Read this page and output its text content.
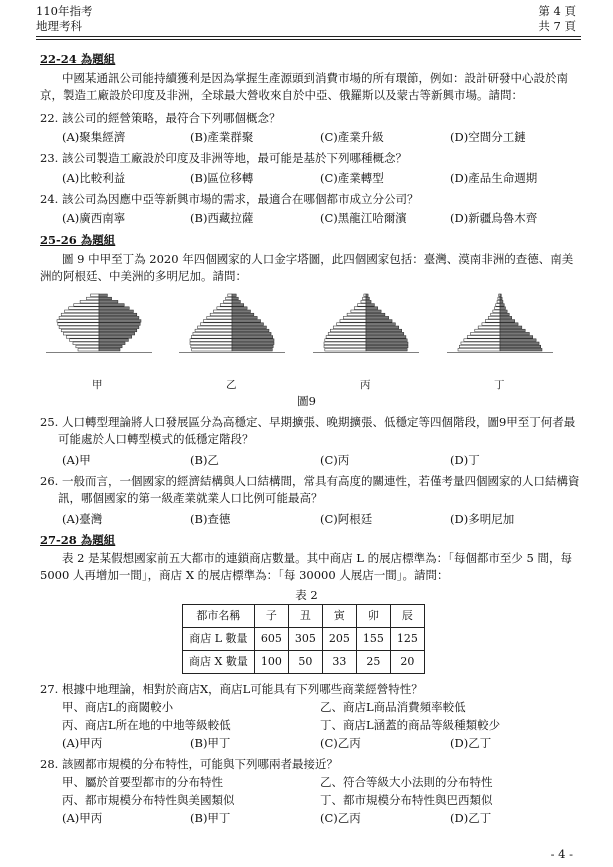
110年指考
地理考科
第 4 頁
共 7 頁
22-24 為題組
中國某通訊公司能持續獲利是因為掌握生產源頭到消費市場的所有環節，例如：設計研發中心設於南京，製造工廠設於印度及非洲，全球最大營收來自於中亞、俄羅斯以及蒙古等新興市場。請問：
22. 該公司的經營策略，最符合下列哪個概念？
(A)聚集經濟	(B)產業群聚	(C)產業升級	(D)空間分工鏈
23. 該公司製造工廠設於印度及非洲等地，最可能是基於下列哪種概念？
(A)比較利益	(B)區位移轉	(C)產業轉型	(D)產品生命週期
24. 該公司為因應中亞等新興市場的需求，最適合在哪個都市成立分公司？
(A)廣西南寧	(B)西藏拉薩	(C)黑龍江哈爾濱	(D)新疆烏魯木齊
25-26 為題組
圖 9 中甲至丁為 2020 年四個國家的人口金字塔圖，此四個國家包括：臺灣、漠南非洲的查德、南美洲的阿根廷、中美洲的多明尼加。請問：
甲	乙	丙	丁
圖9
25. 人口轉型理論將人口發展區分為高穩定、早期擴張、晚期擴張、低穩定等四個階段，圖9甲至丁何者最可能處於人口轉型模式的低穩定階段？
(A)甲	(B)乙	(C)丙	(D)丁
26. 一般而言，一個國家的經濟結構與人口結構間，常具有高度的關連性，若僅考量四個國家的人口結構資訊，哪個國家的第一級產業就業人口比例可能最高？
(A)臺灣	(B)查德	(C)阿根廷	(D)多明尼加
27-28 為題組
表 2 是某假想國家前五大都市的連鎖商店數量。其中商店 L 的展店標準為：「每個都市至少 5 間，每 5000 人再增加一間」，商店 X 的展店標準為：「每 30000 人展店一間」。請問：
表 2
都市名稱	子	丑	寅	卯	辰
商店 L 數量	605	305	205	155	125
商店 X 數量	100	50	33	25	20
27. 根據中地理論，相對於商店X，商店L可能具有下列哪些商業經營特性？
甲、商店L的商閾較小	乙、商店L商品消費頻率較低
丙、商店L所在地的中地等級較低	丁、商店L涵蓋的商品等級種類較少
(A)甲丙	(B)甲丁	(C)乙丙	(D)乙丁
28. 該國都市規模的分布特性，可能與下列哪兩者最接近？
甲、屬於首要型都市的分布特性	乙、符合等級大小法則的分布特性
丙、都市規模分布特性與美國類似	丁、都市規模分布特性與巴西類似
(A)甲丙	(B)甲丁	(C)乙丙	(D)乙丁
- 4 -
